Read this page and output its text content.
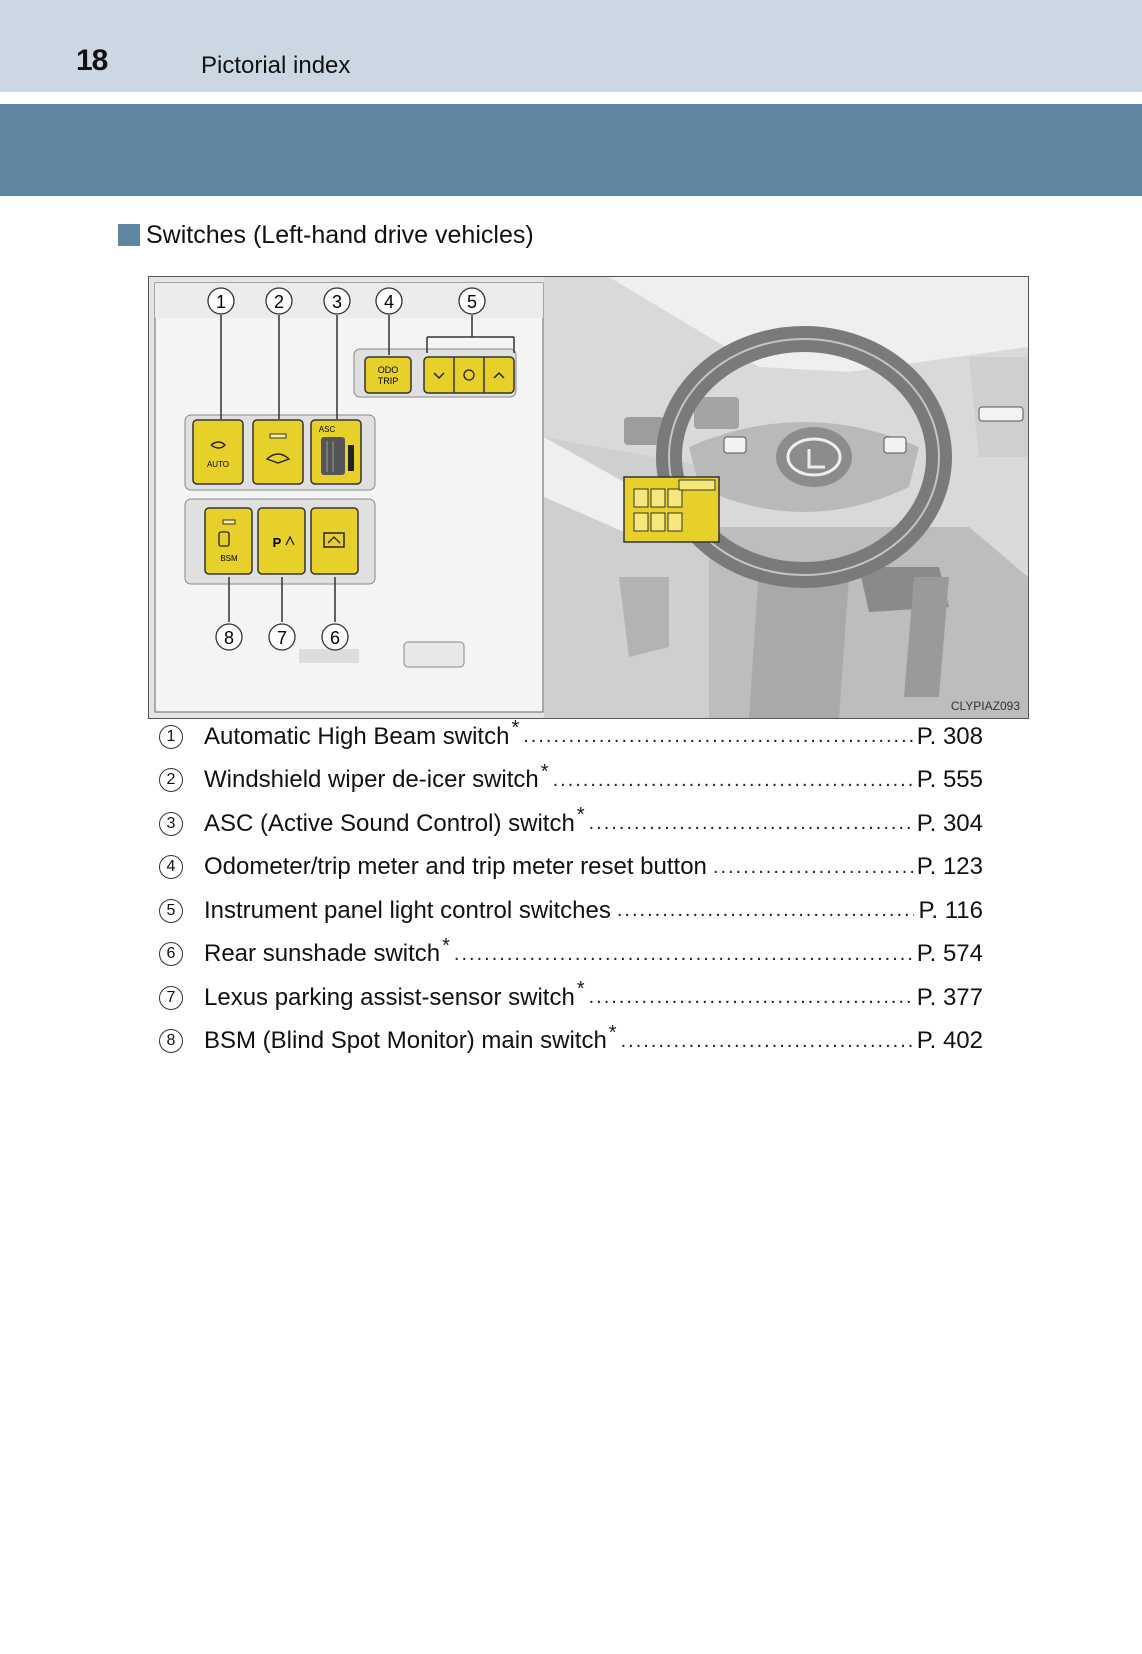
18	Pictorial index
Switches (Left-hand drive vehicles)
ODO
TRIP
AUTO
ASC
BSM
P
1	2	3 4	5
8 7 6
CLYPIAZ093
1	Automatic High Beam switch * .....	P. 308
2	Windshield wiper de-icer switch * .....	P. 555
3	ASC (Active Sound Control) switch * .....	P. 304
4	Odometer/trip meter and trip meter reset button .....	P. 123
5	Instrument panel light control switches .....	P. 116
6	Rear sunshade switch * .....	P. 574
7	Lexus parking assist-sensor switch * .....	P. 377
8	BSM (Blind Spot Monitor) main switch * .....	P. 402
